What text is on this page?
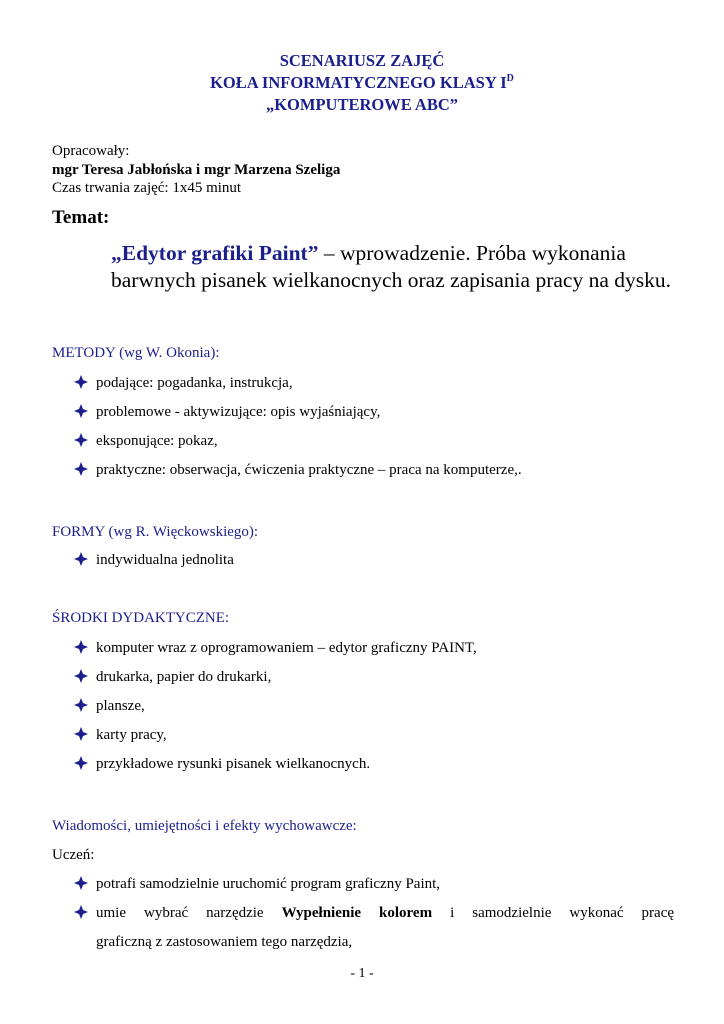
SCENARIUSZ ZAJĘĆ
KOŁA INFORMATYCZNEGO KLASY $I^D$
„KOMPUTEROWE ABC”
Opracowały:
mgr Teresa Jabłońska i mgr Marzena Szeliga
Czas trwania zajęć: 1x45 minut
Temat:
„Edytor grafiki Paint” – wprowadzenie. Próba wykonania barwnych pisanek wielkanocnych oraz zapisania pracy na dysku.
METODY (wg W. Okonia):
podające: pogadanka, instrukcja,
problemowe - aktywizujące: opis wyjaśniający,
eksponujące: pokaz,
praktyczne: obserwacja, ćwiczenia praktyczne – praca na komputerze,.
FORMY (wg R. Więckowskiego):
indywidualna jednolita
ŚRODKI DYDAKTYCZNE:
komputer wraz z oprogramowaniem – edytor graficzny PAINT,
drukarka, papier do drukarki,
plansze,
karty pracy,
przykładowe rysunki pisanek wielkanocnych.
Wiadomości, umiejętności i efekty wychowawcze:
Uczeń:
potrafi samodzielnie uruchomić program graficzny Paint,
umie wybrać narzędzie Wypełnienie kolorem i samodzielnie wykonać pracę
graficzną z zastosowaniem tego narzędzia,
- 1 -
